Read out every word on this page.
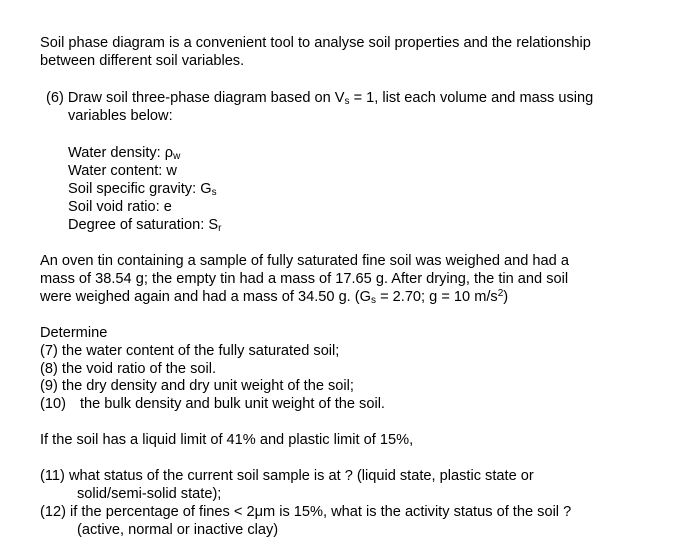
Soil phase diagram is a convenient tool to analyse soil properties and the relationship
between different soil variables.
(6) Draw soil three-phase diagram based on $V_s = 1$, list each volume and mass using
variables below:
Water density: $\rho_w$
Water content: w
Soil specific gravity: $G_s$
Soil void ratio: e
Degree of saturation: $S_r$
An oven tin containing a sample of fully saturated fine soil was weighed and had a
mass of 38.54 g; the empty tin had a mass of 17.65 g. After drying, the tin and soil
were weighed again and had a mass of 34.50 g. ($G_s = 2.70$; g = 10 $m/s^2$)
Determine
(7) the water content of the fully saturated soil;
(8) the void ratio of the soil.
(9) the dry density and dry unit weight of the soil;
(10) the bulk density and bulk unit weight of the soil.
If the soil has a liquid limit of 41% and plastic limit of 15%,
(11) what status of the current soil sample is at ? (liquid state, plastic state or
solid/semi-solid state);
(12) if the percentage of fines < 2μm is 15%, what is the activity status of the soil ?
(active, normal or inactive clay)
